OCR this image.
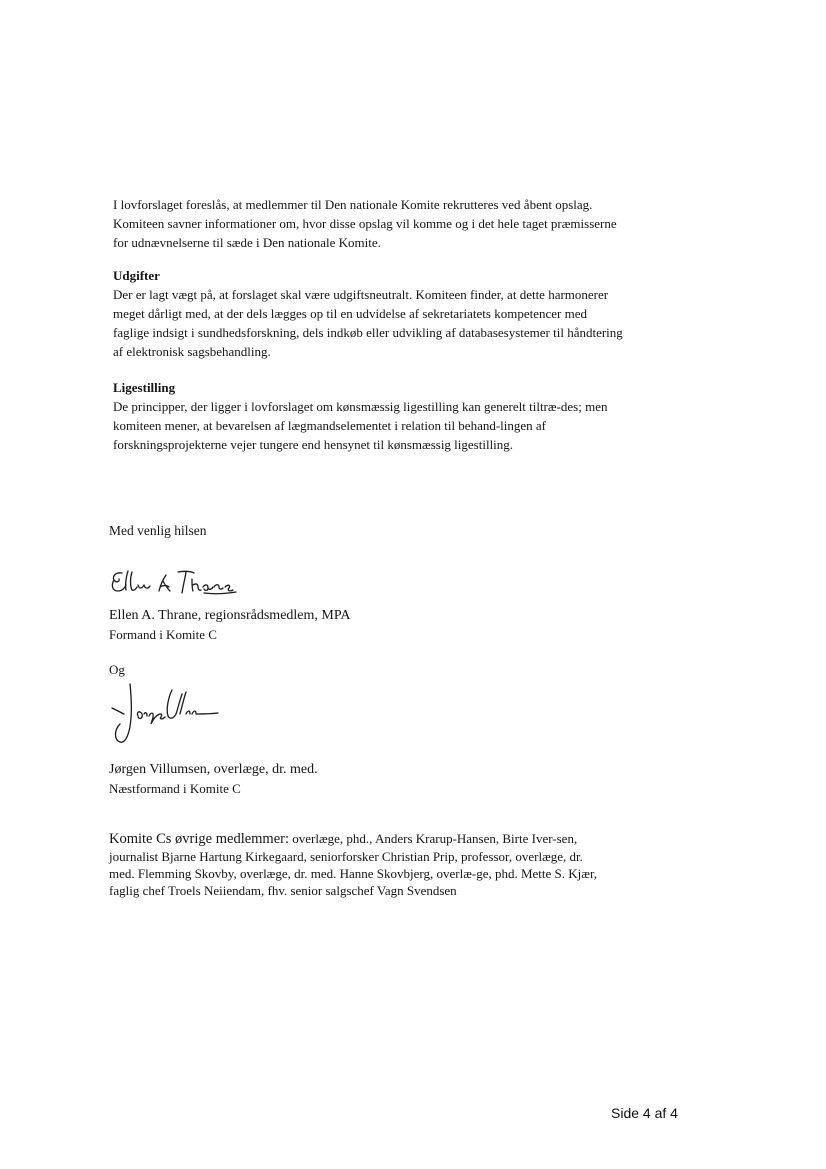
I lovforslaget foreslås, at medlemmer til Den nationale Komite rekrutteres ved åbent opslag. Komiteen savner informationer om, hvor disse opslag vil komme og i det hele taget præmisserne for udnævnelserne til sæde i Den nationale Komite.

Udgifter
Der er lagt vægt på, at forslaget skal være udgiftsneutralt. Komiteen finder, at dette harmonerer meget dårligt med, at der dels lægges op til en udvidelse af sekretariatets kompetencer med faglige indsigt i sundhedsforskning, dels indkøb eller udvikling af databasesystemer til håndtering af elektronisk sagsbehandling.
Ligestilling
De principper, der ligger i lovforslaget om kønsmæssig ligestilling kan generelt tiltræ-des; men komiteen mener, at bevarelsen af lægmandselementet i relation til behand-lingen af forskningsprojekterne vejer tungere end hensynet til kønsmæssig ligestilling.
Med venlig hilsen
Ellen A. Thrane, regionsrådsmedlem, MPA
Formand i Komite C
Og
Jørgen Villumsen, overlæge, dr. med.
Næstformand i Komite C
Komite Cs øvrige medlemmer: overlæge, phd., Anders Krarup-Hansen, Birte Iver-sen, journalist Bjarne Hartung Kirkegaard, seniorforsker Christian Prip, professor, overlæge, dr. med. Flemming Skovby, overlæge, dr. med. Hanne Skovbjerg, overlæ-ge, phd. Mette S. Kjær, faglig chef Troels Neiiendam, fhv. senior salgschef Vagn Svendsen
Side 4 af 4
